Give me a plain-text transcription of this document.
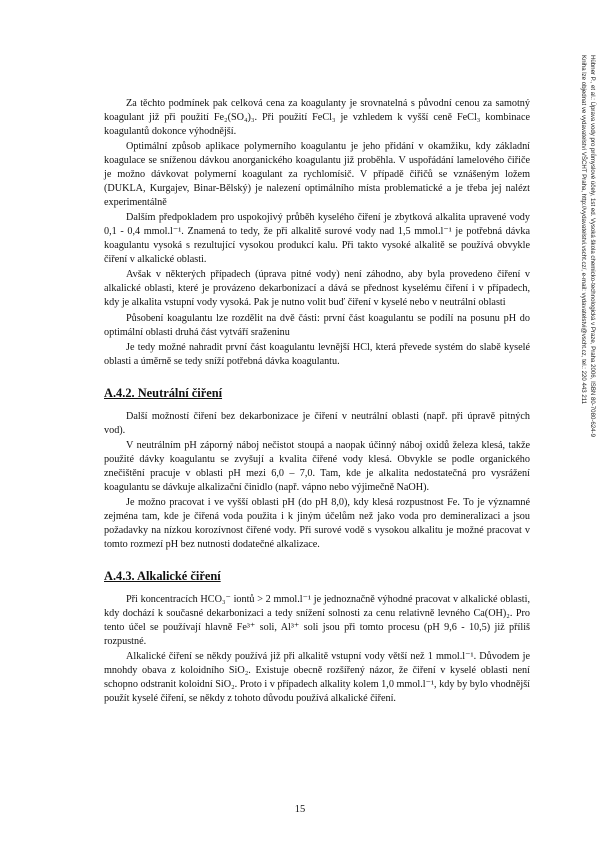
Za těchto podmínek pak celková cena za koagulanty je srovnatelná s původní cenou za samotný koagulant již při použití Fe₂(SO₄)₃. Při použití FeCl₃ je vzhledem k vyšší ceně FeCl₃ kombinace koagulantů dokonce výhodnější.

Optimální způsob aplikace polymerního koagulantu je jeho přidání v okamžiku, kdy základní koagulace se sníženou dávkou anorganického koagulantu již proběhla. V uspořádání lamelového čiřiče je možno dávkovat polymerní koagulant za rychlomísič. V případě čiřičů se vznášeným ložem (DUKLA, Kurgajev, Binar-Bělský) je nalezení optimálního místa problematické a je třeba jej nalézt experimentálně

Dalším předpokladem pro uspokojivý průběh kyselého čiření je zbytková alkalita upravené vody 0,1 - 0,4 mmol.l⁻¹. Znamená to tedy, že při alkalitě surové vody nad 1,5 mmol.l⁻¹ je potřebná dávka koagulantu vysoká s rezultující vysokou produkcí kalu. Při takto vysoké alkalitě se používá obvykle čiření v alkalické oblasti.

Avšak v některých případech (úprava pitné vody) není záhodno, aby byla provedeno čiření v alkalické oblasti, které je provázeno dekarbonizací a dává se přednost kyselému čiření i v případech, kdy je alkalita vstupní vody vysoká. Pak je nutno volit buď čiření v kyselé nebo v neutrální oblasti

Působení koagulantu lze rozdělit na dvě části: první část koagulantu se podílí na posunu pH do optimální oblasti druhá část vytváří sraženinu

Je tedy možné nahradit první část koagulantu levnější HCl, která převede systém do slabě kyselé oblasti a úměrně se tedy sníží potřebná dávka koagulantu.

A.4.2. Neutrální čiření

Další možností čiření bez dekarbonizace je čiření v neutrální oblasti (např. při úpravě pitných vod).

V neutrálním pH záporný náboj nečistot stoupá a naopak účinný náboj oxidů železa klesá, takže použité dávky koagulantu se zvyšují a kvalita čiřené vody klesá. Obvykle se podle organického znečištění pracuje v oblasti pH mezi 6,0 – 7,0. Tam, kde je alkalita nedostatečná pro vysrážení koagulantu se dávkuje alkalizační činidlo (např. vápno nebo výjimečně NaOH).

Je možno pracovat i ve vyšší oblasti pH (do pH 8,0), kdy klesá rozpustnost Fe. To je významné zejména tam, kde je čiřená voda použita i k jiným účelům než jako voda pro demineralizaci a jsou požadavky na nízkou korozívnost čiřené vody. Při surové vodě s vysokou alkalitu je možné pracovat v tomto rozmezí pH bez nutnosti dodatečné alkalizace.

A.4.3. Alkalické čiření

Při koncentracích HCO₃⁻ iontů > 2 mmol.l⁻¹ je jednoznačně výhodné pracovat v alkalické oblasti, kdy dochází k současné dekarbonizaci a tedy snížení solnosti za cenu relativně levného Ca(OH)₂. Pro tento účel se používají hlavně Fe³⁺ soli, Al³⁺ soli jsou při tomto procesu (pH 9,6 - 10,5) již příliš rozpustné.

Alkalické čiření se někdy používá již při alkalitě vstupní vody větší než 1 mmol.l⁻¹. Důvodem je mnohdy obava z koloidního SiO₂. Existuje obecně rozšířený názor, že čiření v kyselé oblasti není schopno odstranit koloidní SiO₂. Proto i v případech alkality kolem 1,0 mmol.l⁻¹, kdy by bylo vhodnější použít kyselé čiření, se někdy z tohoto důvodu používá alkalické čiření.

15
Hübner P., et al.: Úprava vody pro průmyslové účely, 1st ed. Vysoká škola chemicko-technologická v Praze, Praha 2006, ISBN 80-7080-624-9
Kniha lze objednat ve vydavatelství VŠCHT Praha, http://vydavatelstvi.vscht.cz/, e-mail: vydavatelstvi@vscht.cz, tel.: 220 443 211
